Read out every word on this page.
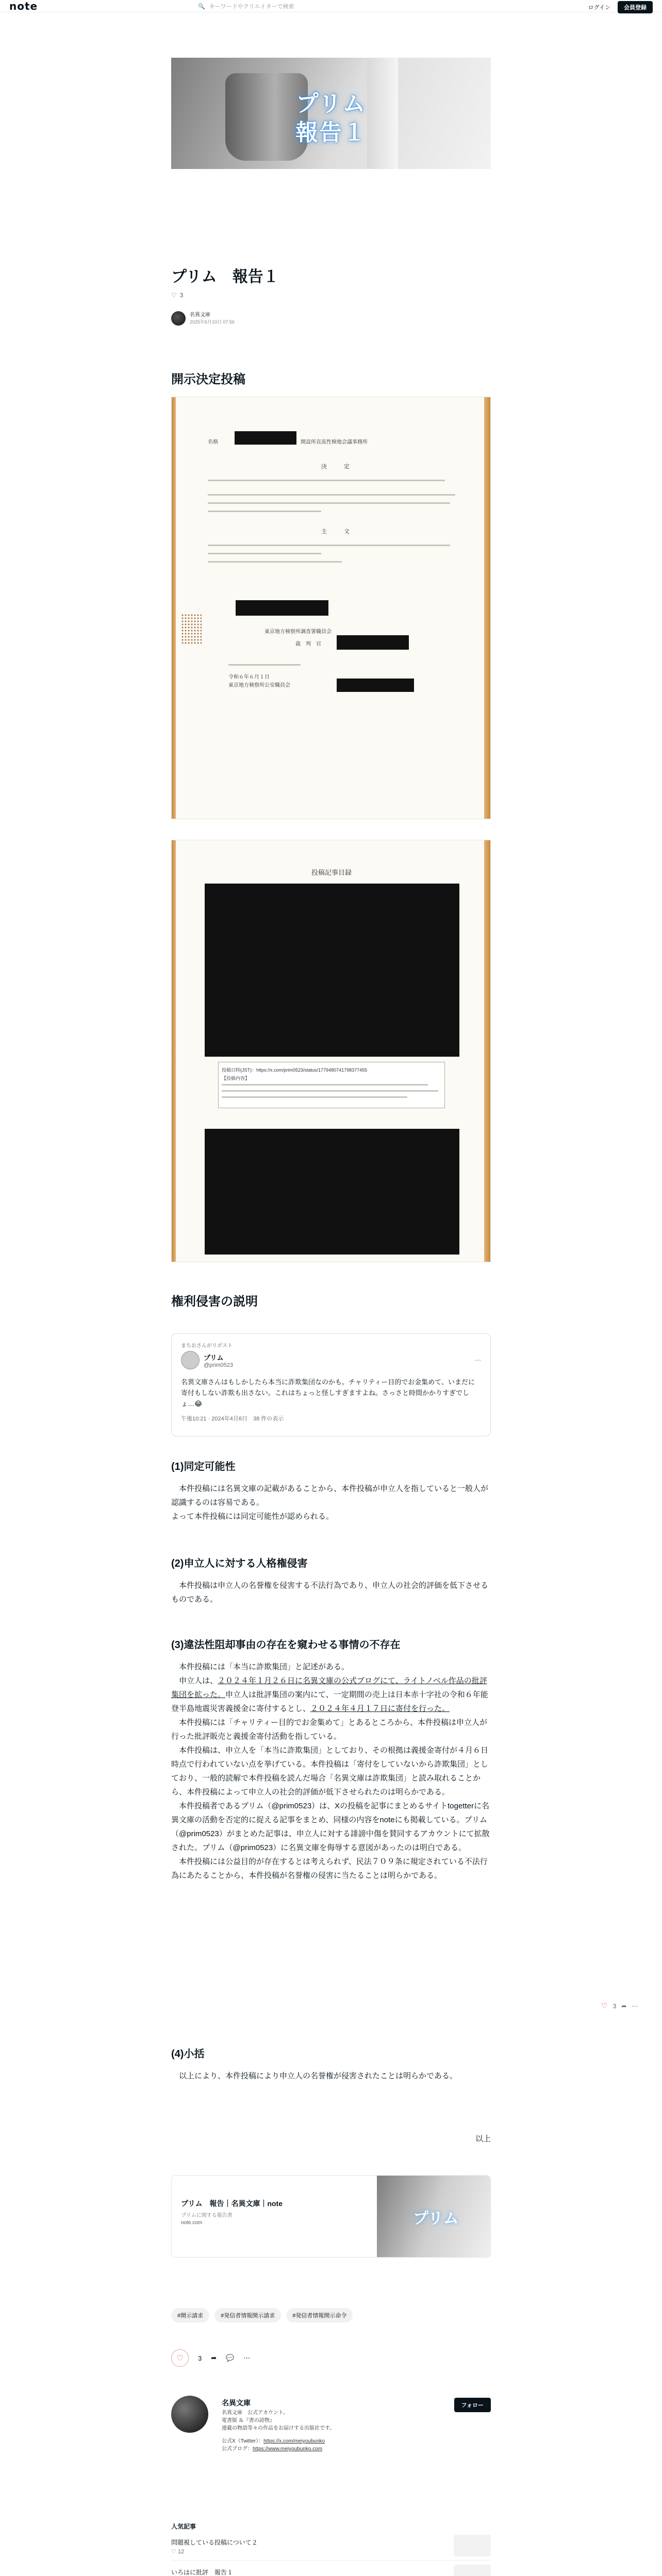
note	🔍 キーワードやクリエイターで検索	ログイン	会員登録
プリム
報告１
プリム　報告１
♡ 3
名異文庫
2025年6月10日 07:56
開示決定投稿
名格	開設所直流性検地会議事務所
決　　　定
主　　　文
東京地方検察所調査署職員会
裁　判　官
令和６年６月１日
東京地方検察所公安職員会
投稿記事目録
投稿日時(JST)：https://x.com/prim0523/status/1779480741798377455
【投稿内容】
権利侵害の説明
まちおさんがリポスト
プリム
@prim0523
⋯
名異文庫さんはもしかしたら本当に詐欺集団なのかも。チャリティー目的でお金集めて、いまだに寄付もしない詐欺も出さない。これはちょっと怪しすぎますよね。さっさと時間かかりすぎでしょ…😂
午後10:21 · 2024年4月6日　 38 件の表示
(1)同定可能性

本件投稿には名異文庫の記載があることから、本件投稿が申立人を指していると一般人が認識するのは容易である。
よって本件投稿には同定可能性が認められる。

(2)申立人に対する人格権侵害

本件投稿は申立人の名誉権を侵害する不法行為であり、申立人の社会的評価を低下させるものである。

(3)違法性阻却事由の存在を窺わせる事情の不存在

本件投稿には「本当に詐欺集団」と記述がある。

申立人は、２０２４年１月２６日に名異文庫の公式ブログにて、ライトノベル作品の批評集団を拡った。申立人は批評集団の案内にて、一定期間の売上は日本赤十字社の令和６年能登半島地震災害義援金に寄付するとし、２０２４年４月１７日に寄付を行った。

本件投稿には「チャリティー目的でお金集めて」とあるところから、本件投稿は申立人が行った批評販売と義援金寄付活動を指している。

本件投稿は、申立人を「本当に詐欺集団」としており、その根拠は義援金寄付が４月６日時点で行われていない点を挙げている。本件投稿は「寄付をしていないから詐欺集団」としており、一般的読解で本件投稿を読んだ場合「名異文庫は詐欺集団」と読み取れることから、本件投稿によって申立人の社会的評価が低下させられたのは明らかである。

本件投稿者であるプリム（@prim0523）は、Xの投稿を記事にまとめるサイトtogetterに名異文庫の活動を否定的に捉える記事をまとめ、同様の内容をnoteにも掲載している。プリム（@prim0523）がまとめた記事は、申立人に対する誹謗中傷を賛同するアカウントにて拡散された。プリム（@prim0523）に名異文庫を侮辱する意図があったのは明白である。

本件投稿には公益目的が存在するとは考えられず、民法７０９条に規定されている不法行為にあたることから、本件投稿が名誉権の侵害に当たることは明らかである。

(4)小括

以上により、本件投稿により申立人の名誉権が侵害されたことは明らかである。

以上
プリム　報告｜名異文庫｜note
プリムに関する報告書
note.com	プリム
#開示請求	#発信者情報開示請求	#発信者情報開示命令
♡ 3 ➦ 💬 ⋯
名異文庫
名異文庫　公式アカウント。
電書版 ＆『書の読物』
連載の物語等々の作品をお届けする出版社です。
公式X（Twitter）：https://x.com/meiyoubunko
公式ブログ：https://www.meiyoubunko.com
フォロー
人気記事
問題視している投稿について２
♡ 12
いろはに批評　報告１
♡ 3 ➦ ⋯
